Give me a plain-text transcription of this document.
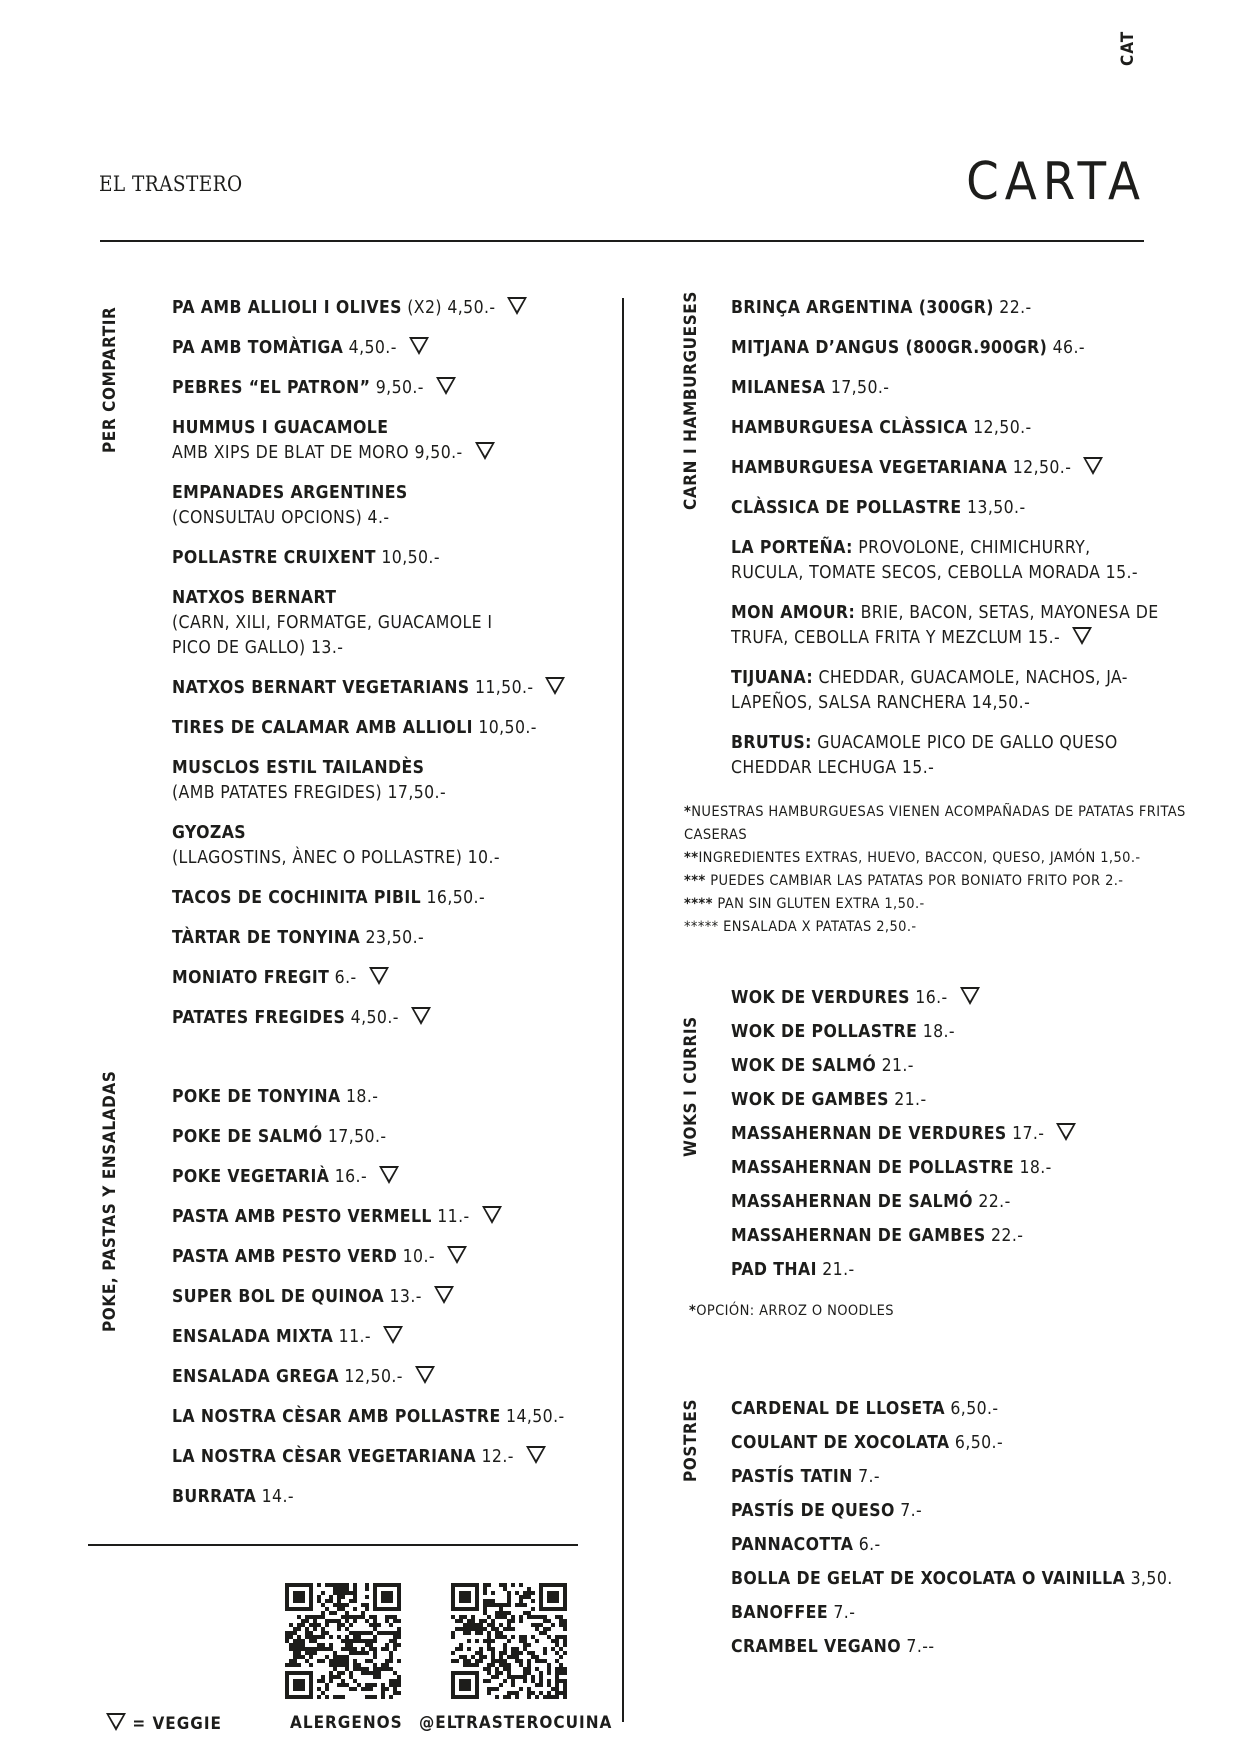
CAT
EL TRASTERO	CARTA
PER COMPARTIR
POKE, PASTAS Y ENSALADAS
CARN I HAMBURGUESES
WOKS I CURRIS
POSTRES
PA AMB ALLIOLI I OLIVES (X2) 4,50.-
PA AMB TOMÀTIGA 4,50.-
PEBRES “EL PATRON” 9,50.-
HUMMUS I GUACAMOLE
AMB XIPS DE BLAT DE MORO 9,50.-
EMPANADES ARGENTINES
(CONSULTAU OPCIONS) 4.-
POLLASTRE CRUIXENT 10,50.-
NATXOS BERNART
(CARN, XILI, FORMATGE, GUACAMOLE I
PICO DE GALLO) 13.-
NATXOS BERNART VEGETARIANS 11,50.-
TIRES DE CALAMAR AMB ALLIOLI 10,50.-
MUSCLOS ESTIL TAILANDÈS
(AMB PATATES FREGIDES) 17,50.-
GYOZAS
(LLAGOSTINS, ÀNEC O POLLASTRE) 10.-
TACOS DE COCHINITA PIBIL 16,50.-
TÀRTAR DE TONYINA 23,50.-
MONIATO FREGIT 6.-
PATATES FREGIDES 4,50.-
POKE DE TONYINA 18.-
POKE DE SALMÓ 17,50.-
POKE VEGETARIÀ 16.-
PASTA AMB PESTO VERMELL 11.-
PASTA AMB PESTO VERD 10.-
SUPER BOL DE QUINOA 13.-
ENSALADA MIXTA 11.-
ENSALADA GREGA 12,50.-
LA NOSTRA CÈSAR AMB POLLASTRE 14,50.-
LA NOSTRA CÈSAR VEGETARIANA 12.-
BURRATA 14.-
BRINÇA ARGENTINA (300GR) 22.-
MITJANA D’ANGUS (800GR.900GR) 46.-
MILANESA 17,50.-
HAMBURGUESA CLÀSSICA 12,50.-
HAMBURGUESA VEGETARIANA 12,50.-
CLÀSSICA DE POLLASTRE 13,50.-
LA PORTEÑA: PROVOLONE, CHIMICHURRY,
RUCULA, TOMATE SECOS, CEBOLLA MORADA 15.-
MON AMOUR: BRIE, BACON, SETAS, MAYONESA DE
TRUFA, CEBOLLA FRITA Y MEZCLUM 15.-
TIJUANA: CHEDDAR, GUACAMOLE, NACHOS, JA-
LAPEÑOS, SALSA RANCHERA 14,50.-
BRUTUS: GUACAMOLE PICO DE GALLO QUESO
CHEDDAR LECHUGA 15.-
*NUESTRAS HAMBURGUESAS VIENEN ACOMPAÑADAS DE PATATAS FRITAS
CASERAS
**INGREDIENTES EXTRAS, HUEVO, BACCON, QUESO, JAMÓN 1,50.-
*** PUEDES CAMBIAR LAS PATATAS POR BONIATO FRITO POR 2.-
**** PAN SIN GLUTEN EXTRA 1,50.-
***** ENSALADA X PATATAS 2,50.-
WOK DE VERDURES 16.-
WOK DE POLLASTRE 18.-
WOK DE SALMÓ 21.-
WOK DE GAMBES 21.-
MASSAHERNAN DE VERDURES 17.-
MASSAHERNAN DE POLLASTRE 18.-
MASSAHERNAN DE SALMÓ 22.-
MASSAHERNAN DE GAMBES 22.-
PAD THAI 21.-
*OPCIÓN: ARROZ O NOODLES
CARDENAL DE LLOSETA 6,50.-
COULANT DE XOCOLATA 6,50.-
PASTÍS TATIN 7.-
PASTÍS DE QUESO 7.-
PANNACOTTA 6.-
BOLLA DE GELAT DE XOCOLATA O VAINILLA 3,50.
BANOFFEE 7.-
CRAMBEL VEGANO 7.--
= VEGGIE	ALERGENOS @ELTRASTEROCUINA
